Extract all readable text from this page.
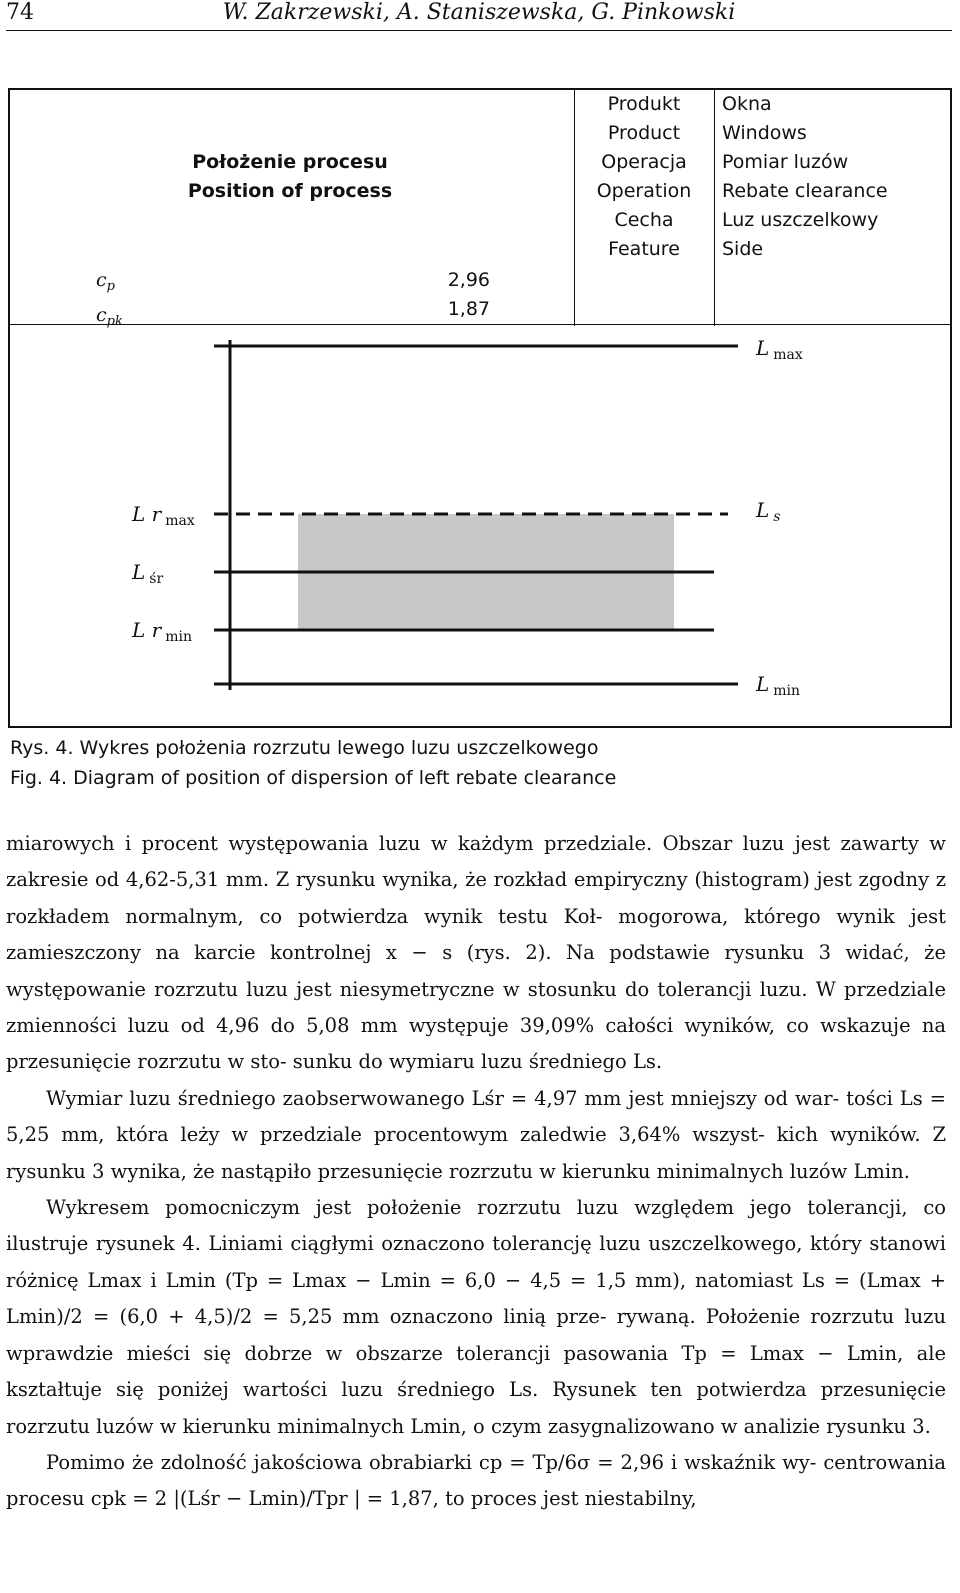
74	W. Zakrzewski, A. Staniszewska, G. Pinkowski
Położenie procesu
Position of process
Produkt
Product
Operacja
Operation
Cecha
Feature
Okna
Windows
Pomiar luzów
Rebate clearance
Luz uszczelkowy
Side
$c_p$
$c_{pk}$
2,96
1,87
L $_{max}$
L r $_{max}$	L $_s$
L $_{śr}$
L r $_{min}$
L $_{min}$
Rys. 4. Wykres położenia rozrzutu lewego luzu uszczelkowego
Fig. 4. Diagram of position of dispersion of left rebate clearance

miarowych i procent występowania luzu w każdym przedziale. Obszar luzu jest zawarty w zakresie od 4,62-5,31 mm. Z rysunku wynika, że rozkład empiryczny (histogram) jest zgodny z rozkładem normalnym, co potwierdza wynik testu Koł- mogorowa, którego wynik jest zamieszczony na karcie kontrolnej x − s (rys. 2). Na podstawie rysunku 3 widać, że występowanie rozrzutu luzu jest niesymetryczne w stosunku do tolerancji luzu. W przedziale zmienności luzu od 4,96 do 5,08 mm występuje 39,09% całości wyników, co wskazuje na przesunięcie rozrzutu w sto- sunku do wymiaru luzu średniego Ls.

Wymiar luzu średniego zaobserwowanego Lśr = 4,97 mm jest mniejszy od war- tości Ls = 5,25 mm, która leży w przedziale procentowym zaledwie 3,64% wszyst- kich wyników. Z rysunku 3 wynika, że nastąpiło przesunięcie rozrzutu w kierunku minimalnych luzów Lmin.

Wykresem pomocniczym jest położenie rozrzutu luzu względem jego tolerancji, co ilustruje rysunek 4. Liniami ciągłymi oznaczono tolerancję luzu uszczelkowego, który stanowi różnicę Lmax i Lmin (Tp = Lmax − Lmin = 6,0 − 4,5 = 1,5 mm), natomiast Ls = (Lmax + Lmin)/2 = (6,0 + 4,5)/2 = 5,25 mm oznaczono linią prze- rywaną. Położenie rozrzutu luzu wprawdzie mieści się dobrze w obszarze tolerancji pasowania Tp = Lmax − Lmin, ale kształtuje się poniżej wartości luzu średniego Ls. Rysunek ten potwierdza przesunięcie rozrzutu luzów w kierunku minimalnych Lmin, o czym zasygnalizowano w analizie rysunku 3.

Pomimo że zdolność jakościowa obrabiarki cp = Tp/6σ = 2,96 i wskaźnik wy- centrowania procesu cpk = 2 |(Lśr − Lmin)/Tpr | = 1,87, to proces jest niestabilny,
